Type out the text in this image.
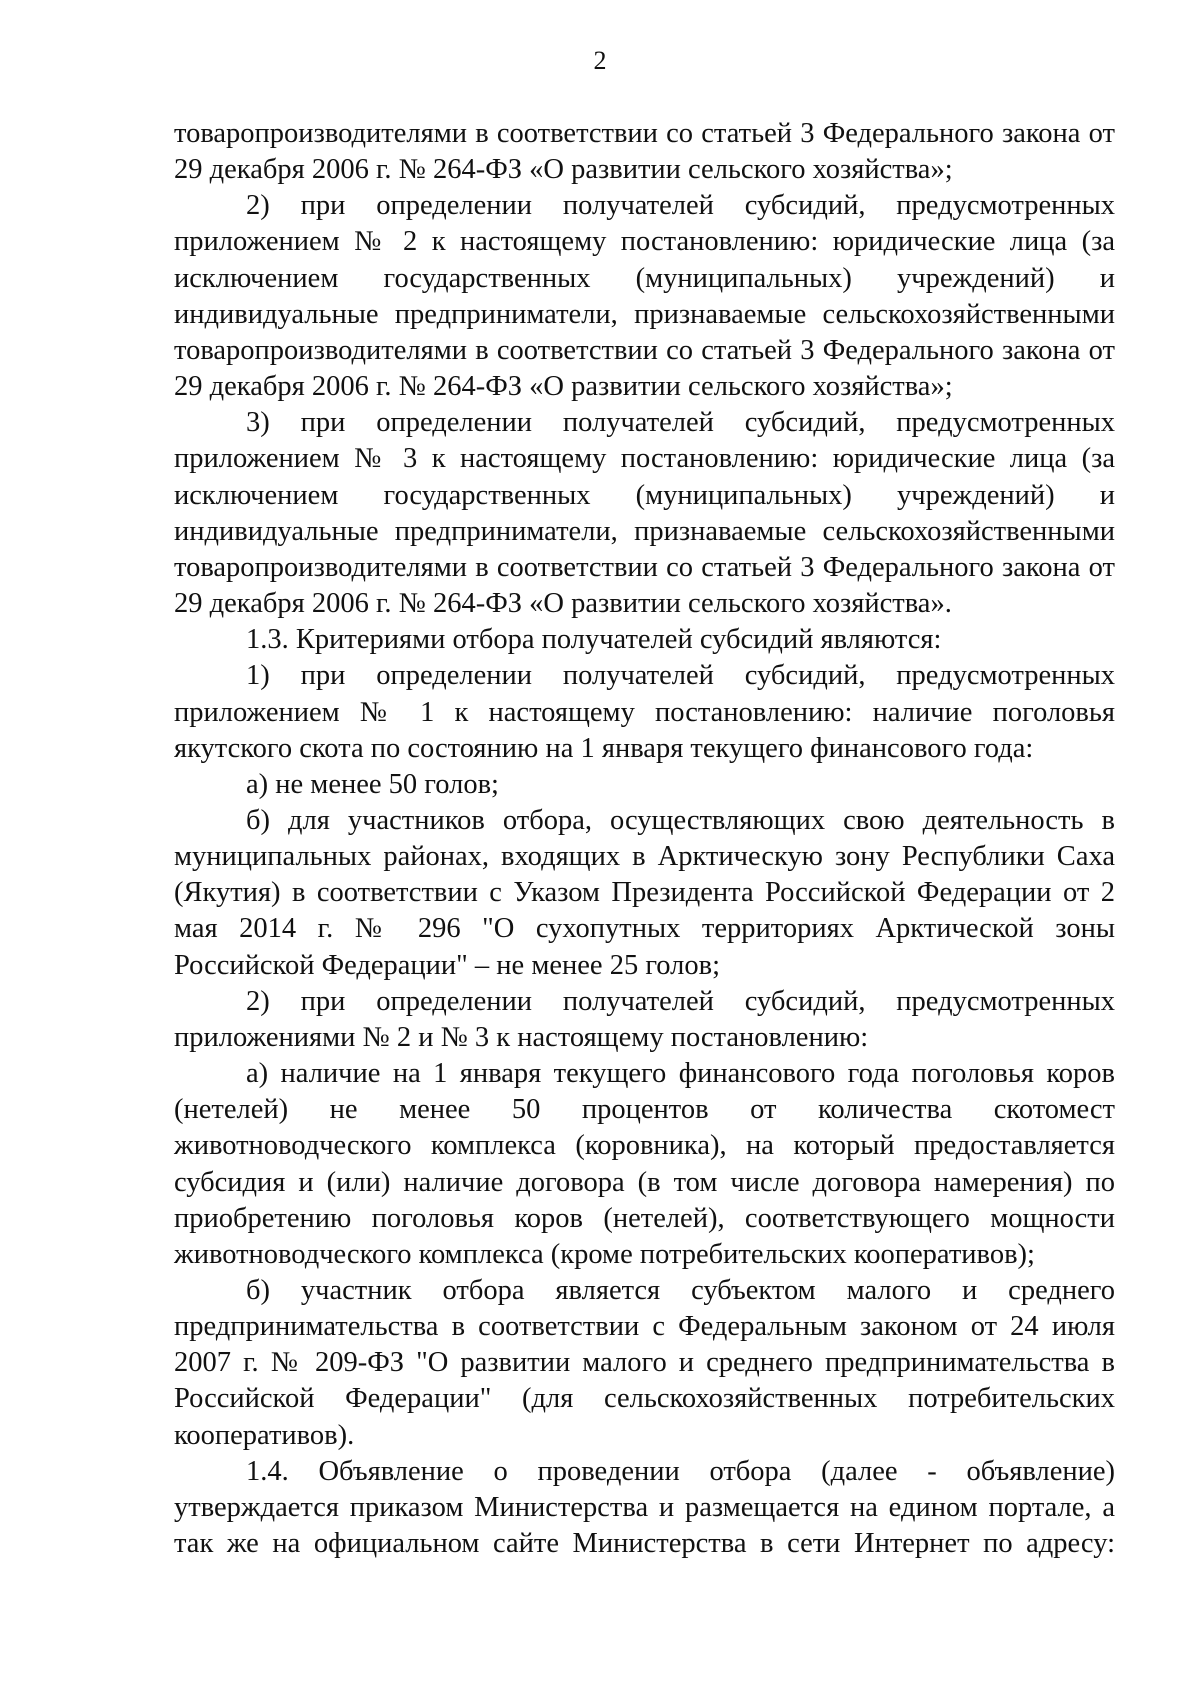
2

товаропроизводителями в соответствии со статьей 3 Федерального закона от 29 декабря 2006 г. № 264-ФЗ «О развитии сельского хозяйства»;

2) при определении получателей субсидий, предусмотренных приложением № 2 к настоящему постановлению: юридические лица (за исключением государственных (муниципальных) учреждений) и индивидуальные предприниматели, признаваемые сельскохозяйственными товаропроизводителями в соответствии со статьей 3 Федерального закона от 29 декабря 2006 г. № 264-ФЗ «О развитии сельского хозяйства»;

3) при определении получателей субсидий, предусмотренных приложением № 3 к настоящему постановлению: юридические лица (за исключением государственных (муниципальных) учреждений) и индивидуальные предприниматели, признаваемые сельскохозяйственными товаропроизводителями в соответствии со статьей 3 Федерального закона от 29 декабря 2006 г. № 264-ФЗ «О развитии сельского хозяйства».

1.3. Критериями отбора получателей субсидий являются:

1) при определении получателей субсидий, предусмотренных приложением № 1 к настоящему постановлению: наличие поголовья якутского скота по состоянию на 1 января текущего финансового года:

а) не менее 50 голов;

б) для участников отбора, осуществляющих свою деятельность в муниципальных районах, входящих в Арктическую зону Республики Саха (Якутия) в соответствии с Указом Президента Российской Федерации от 2 мая 2014 г. № 296 "О сухопутных территориях Арктической зоны Российской Федерации" – не менее 25 голов;

2) при определении получателей субсидий, предусмотренных приложениями № 2 и № 3 к настоящему постановлению:

а) наличие на 1 января текущего финансового года поголовья коров (нетелей) не менее 50 процентов от количества скотомест животноводческого комплекса (коровника), на который предоставляется субсидия и (или) наличие договора (в том числе договора намерения) по приобретению поголовья коров (нетелей), соответствующего мощности животноводческого комплекса (кроме потребительских кооперативов);

б) участник отбора является субъектом малого и среднего предпринимательства в соответствии с Федеральным законом от 24 июля 2007 г. № 209-ФЗ "О развитии малого и среднего предпринимательства в Российской Федерации" (для сельскохозяйственных потребительских кооперативов).

1.4. Объявление о проведении отбора (далее - объявление) утверждается приказом Министерства и размещается на едином портале, а так же на официальном сайте Министерства в сети Интернет по адресу:
